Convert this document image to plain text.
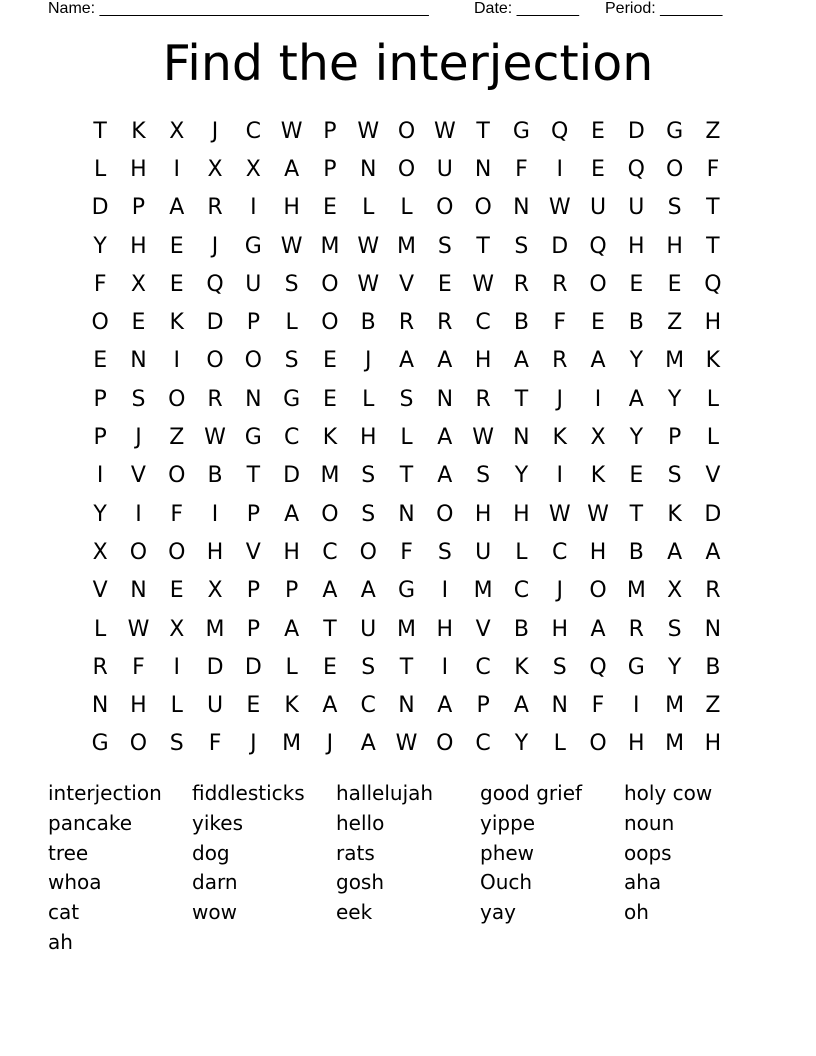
Name: _____________________________________	Date: _______ Period: _______
Find the interjection
T	K	X	J	C W P W O W T	G Q	E	D G	Z
L	H	I	X	X	A	P	N O U	N	F	I	E	Q O	F
D	P	A	R	I	H	E	L	L	O O N W U	U	S	T
Y	H	E	J	G W M W M S	T	S	D Q H H	T
F	X	E	Q U	S	O W V	E W R	R O	E	E	Q
O	E	K	D	P	L	O	B	R	R	C	B	F	E	B	Z	H
E	N	I	O O	S	E	J	A	A	H	A	R	A	Y	M K
P	S	O R	N G	E	L	S	N	R	T	J	I	A	Y	L
P	J	Z W G	C	K	H	L	A W N	K	X	Y	P	L
I	V	O	B	T	D M S	T	A	S	Y	I	K	E	S	V
Y	I	F	I	P	A	O	S	N O H H W W T	K	D
X	O O H	V	H	C O	F	S	U	L	C	H	B	A	A
V	N	E	X	P	P	A	A	G	I	M C	J	O M X	R
L W X M	P	A	T	U M H	V	B	H	A	R	S	N
R	F	I	D D	L	E	S	T	I	C	K	S	Q G	Y	B
N H	L	U	E	K	A	C	N	A	P	A	N	F	I	M Z
G O	S	F	J	M	J	A W O C	Y	L	O H M H
interjection	fiddlesticks	hallelujah	good grief	holy cow
pancake	yikes	hello	yippe	noun
tree	dog	rats	phew	oops
whoa	darn	gosh	Ouch	aha
cat	wow	eek	yay	oh
ah
